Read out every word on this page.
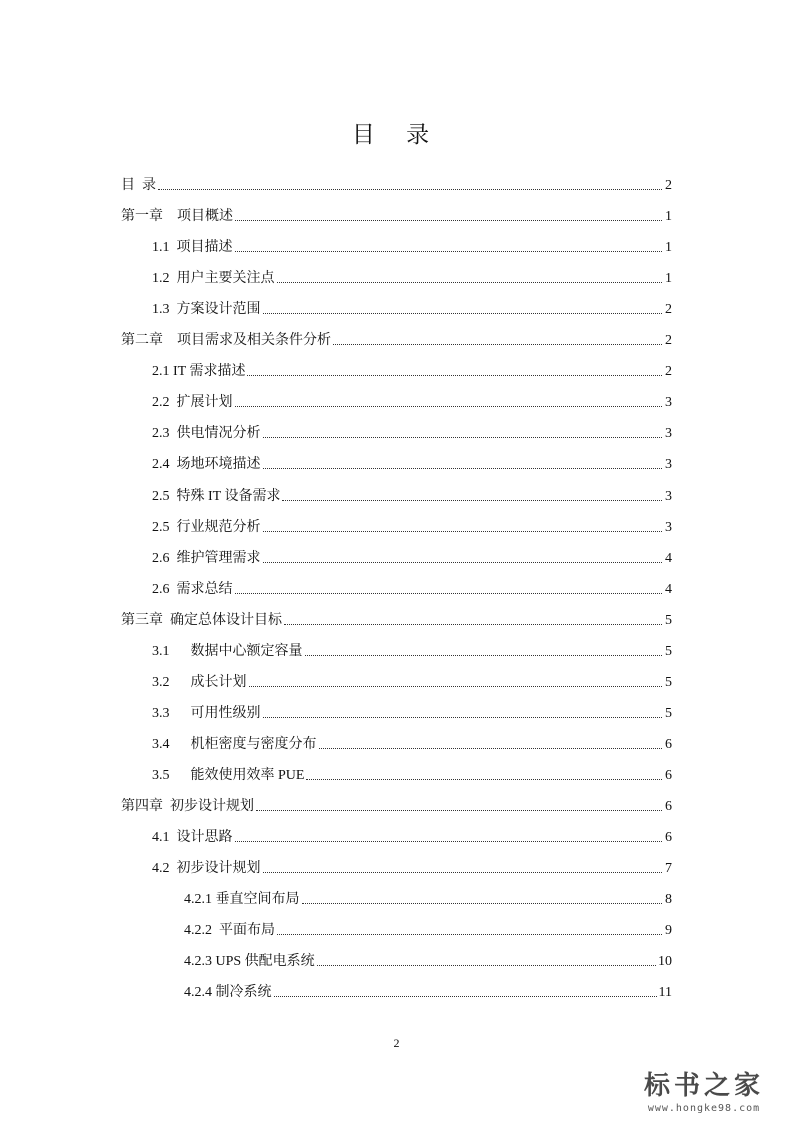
目 录
目  录	2
第一章    项目概述	1
1.1  项目描述	1
1.2  用户主要关注点	1
1.3  方案设计范围	2
第二章    项目需求及相关条件分析	2
2.1 IT 需求描述	2
2.2  扩展计划	3
2.3  供电情况分析	3
2.4  场地环境描述	3
2.5  特殊 IT 设备需求	3
2.5  行业规范分析	3
2.6  维护管理需求	4
2.6  需求总结	4
第三章  确定总体设计目标	5
3.1      数据中心额定容量	5
3.2      成长计划	5
3.3      可用性级别	5
3.4      机柜密度与密度分布	6
3.5      能效使用效率 PUE	6
第四章  初步设计规划	6
4.1  设计思路	6
4.2  初步设计规划	7
4.2.1 垂直空间布局	8
4.2.2  平面布局	9
4.2.3 UPS 供配电系统	10
4.2.4 制冷系统	11
2
标书之家
www.hongke98.com
